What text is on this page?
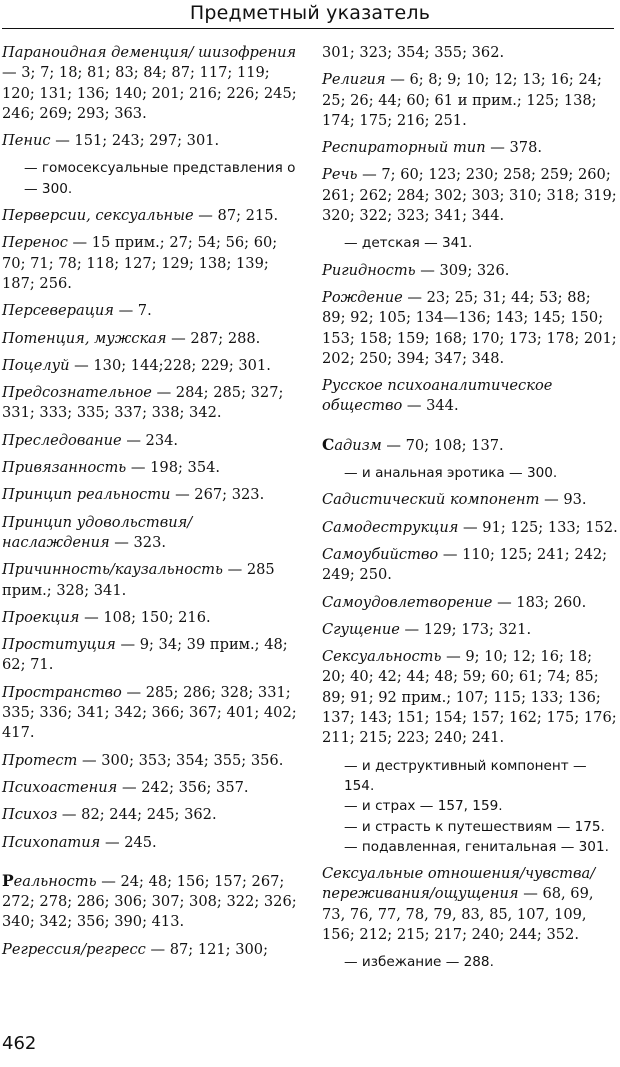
Предметный указатель
Параноидная деменция/ шизофрения — 3; 7; 18; 81; 83; 84; 87; 117; 119; 120; 131; 136; 140; 201; 216; 226; 245; 246; 269; 293; 363.
Пенис — 151; 243; 297; 301.
— гомосексуальные представления о — 300.
Перверсии, сексуальные — 87; 215.
Перенос — 15 прим.; 27; 54; 56; 60; 70; 71; 78; 118; 127; 129; 138; 139; 187; 256.
Персеверация — 7.
Потенция, мужская — 287; 288.
Поцелуй — 130; 144;228; 229; 301.
Предсознательное — 284; 285; 327; 331; 333; 335; 337; 338; 342.
Преследование — 234.
Привязанность — 198; 354.
Принцип реальности — 267; 323.
Принцип удовольствия/ наслаждения — 323.
Причинность/каузальность — 285 прим.; 328; 341.
Проекция — 108; 150; 216.
Проституция — 9; 34; 39 прим.; 48; 62; 71.
Пространство — 285; 286; 328; 331; 335; 336; 341; 342; 366; 367; 401; 402; 417.
Протест — 300; 353; 354; 355; 356.
Психоастения — 242; 356; 357.
Психоз — 82; 244; 245; 362.
Психопатия — 245.
Реальность — 24; 48; 156; 157; 267; 272; 278; 286; 306; 307; 308; 322; 326; 340; 342; 356; 390; 413.
Регрессия/регресс — 87; 121; 300;
301; 323; 354; 355; 362.
Религия — 6; 8; 9; 10; 12; 13; 16; 24; 25; 26; 44; 60; 61 и прим.; 125; 138; 174; 175; 216; 251.
Респираторный тип — 378.
Речь — 7; 60; 123; 230; 258; 259; 260; 261; 262; 284; 302; 303; 310; 318; 319; 320; 322; 323; 341; 344.
— детская — 341.
Ригидность — 309; 326.
Рождение — 23; 25; 31; 44; 53; 88; 89; 92; 105; 134—136; 143; 145; 150; 153; 158; 159; 168; 170; 173; 178; 201; 202; 250; 394; 347; 348.
Русское психоаналитическое общество — 344.
Садизм — 70; 108; 137.
— и анальная эротика — 300.
Садистический компонент — 93.
Самодеструкция — 91; 125; 133; 152.
Самоубийство — 110; 125; 241; 242; 249; 250.
Самоудовлетворение — 183; 260.
Сгущение — 129; 173; 321.
Сексуальность — 9; 10; 12; 16; 18; 20; 40; 42; 44; 48; 59; 60; 61; 74; 85; 89; 91; 92 прим.; 107; 115; 133; 136; 137; 143; 151; 154; 157; 162; 175; 176; 211; 215; 223; 240; 241.
— и деструктивный компонент — 154.
— и страх — 157, 159.
— и страсть к путешествиям — 175.
— подавленная, генитальная — 301.
Сексуальные отношения/чувства/ переживания/ощущения — 68, 69, 73, 76, 77, 78, 79, 83, 85, 107, 109, 156; 212; 215; 217; 240; 244; 352.
— избежание — 288.
462
